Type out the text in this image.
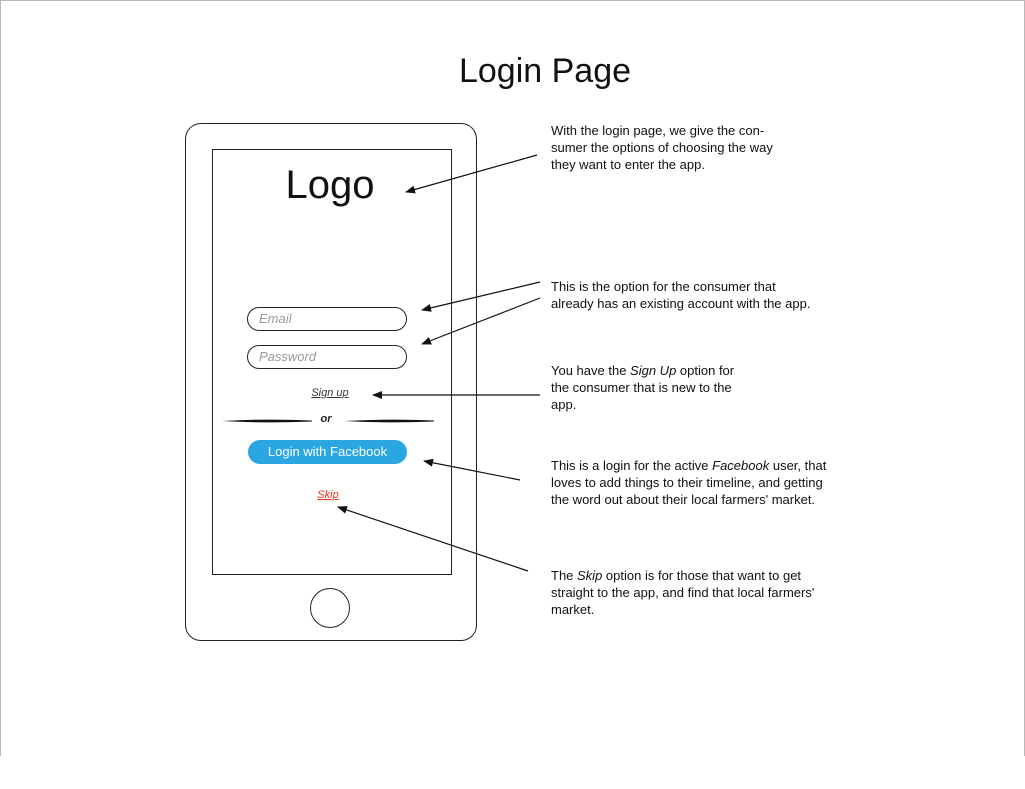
Login Page
Logo
Email
Password
Sign up
or
Login with Facebook
Skip

With the login page, we give the con-

sumer the options of choosing the way

they want to enter the app.

This is the option for the consumer that

already has an existing account with the app.

You have the Sign Up option for

the consumer that is new to the

app.

This is a login for the active Facebook user, that

loves to add things to their timeline, and getting

the word out about their local farmers' market.

The Skip option is for those that want to get

straight to the app, and find that local farmers'

market.
